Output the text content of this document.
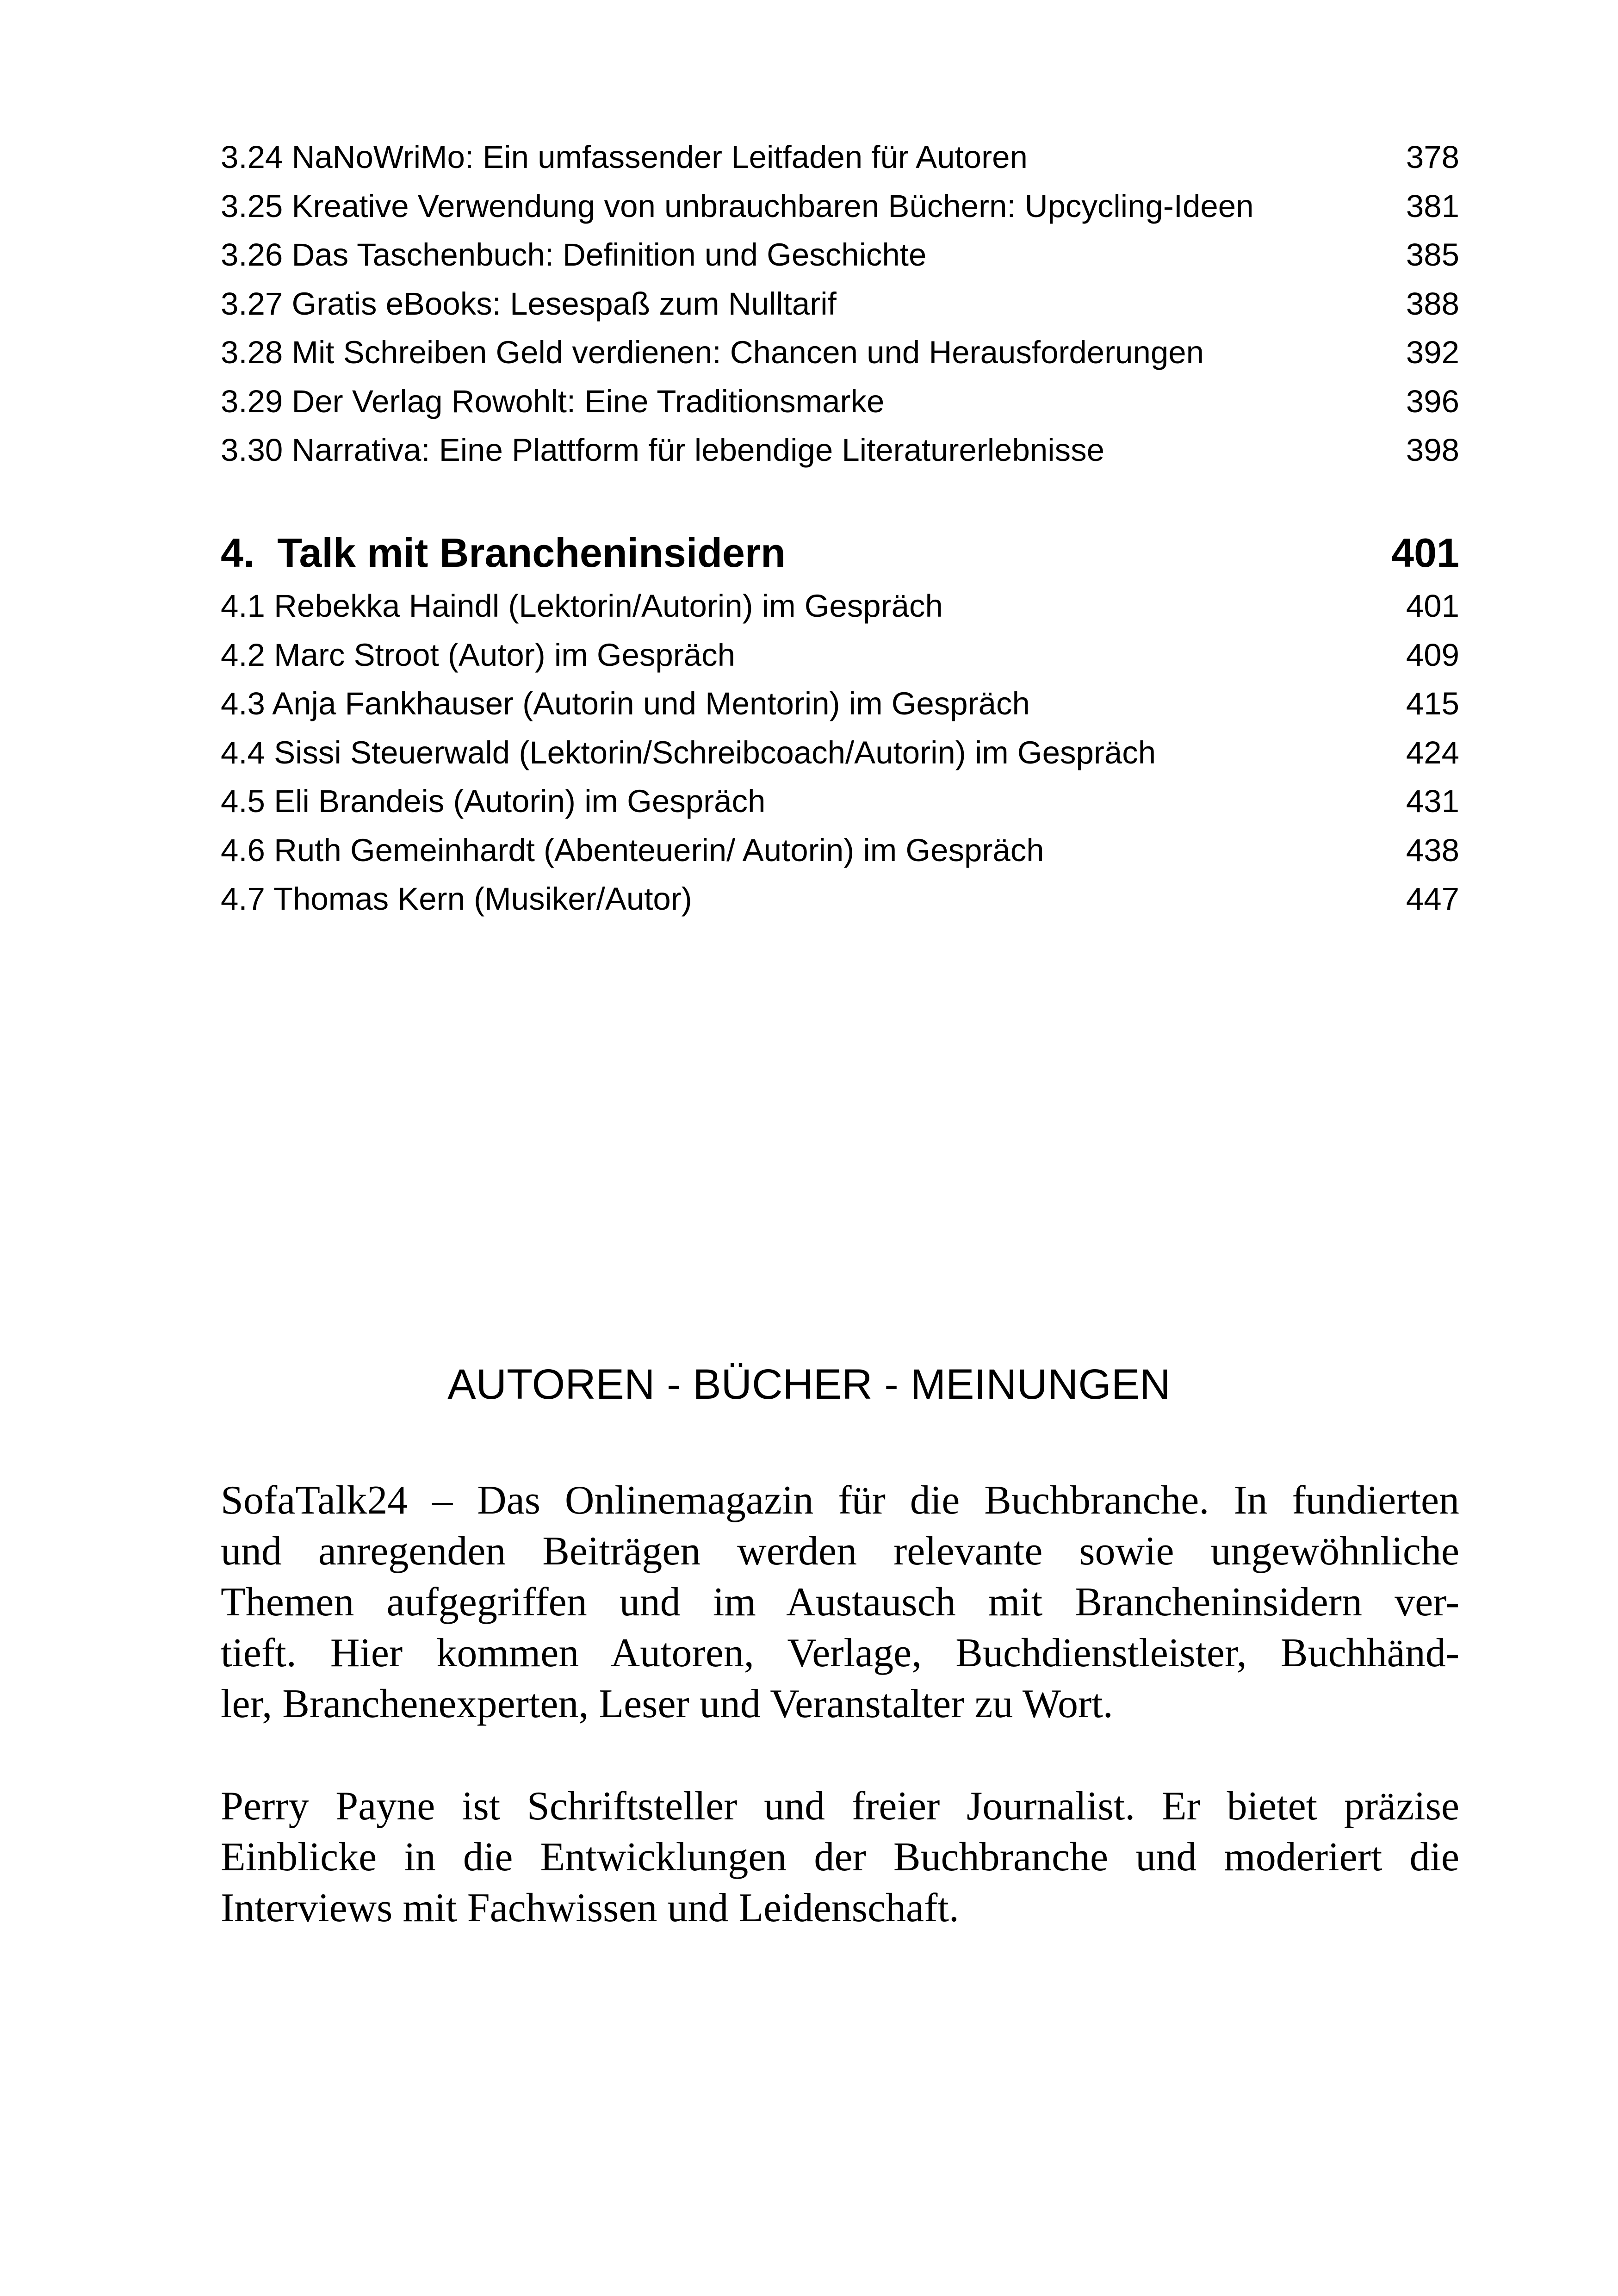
3.24 NaNoWriMo: Ein umfassender Leitfaden für Autoren	378
3.25 Kreative Verwendung von unbrauchbaren Büchern: Upcycling-Ideen	381
3.26 Das Taschenbuch: Definition und Geschichte	385
3.27 Gratis eBooks: Lesespaß zum Nulltarif	388
3.28 Mit Schreiben Geld verdienen: Chancen und Herausforderungen	392
3.29 Der Verlag Rowohlt: Eine Traditionsmarke	396
3.30 Narrativa: Eine Plattform für lebendige Literaturerlebnisse	398
4.  Talk mit Brancheninsidern	401
4.1 Rebekka Haindl (Lektorin/Autorin) im Gespräch	401
4.2 Marc Stroot (Autor) im Gespräch	409
4.3 Anja Fankhauser (Autorin und Mentorin) im Gespräch	415
4.4 Sissi Steuerwald (Lektorin/Schreibcoach/Autorin) im Gespräch	424
4.5 Eli Brandeis (Autorin) im Gespräch	431
4.6 Ruth Gemeinhardt (Abenteuerin/ Autorin) im Gespräch	438
4.7 Thomas Kern (Musiker/Autor)	447
AUTOREN - BÜCHER - MEINUNGEN
SofaTalk24 – Das Onlinemagazin für die Buchbranche. In fundierten
und anregenden Beiträgen werden relevante sowie ungewöhnliche
Themen aufgegriffen und im Austausch mit Brancheninsidern ver-
tieft. Hier kommen Autoren, Verlage, Buchdienstleister, Buchhänd-
ler, Branchenexperten, Leser und Veranstalter zu Wort.
Perry Payne ist Schriftsteller und freier Journalist. Er bietet präzise
Einblicke in die Entwicklungen der Buchbranche und moderiert die
Interviews mit Fachwissen und Leidenschaft.
